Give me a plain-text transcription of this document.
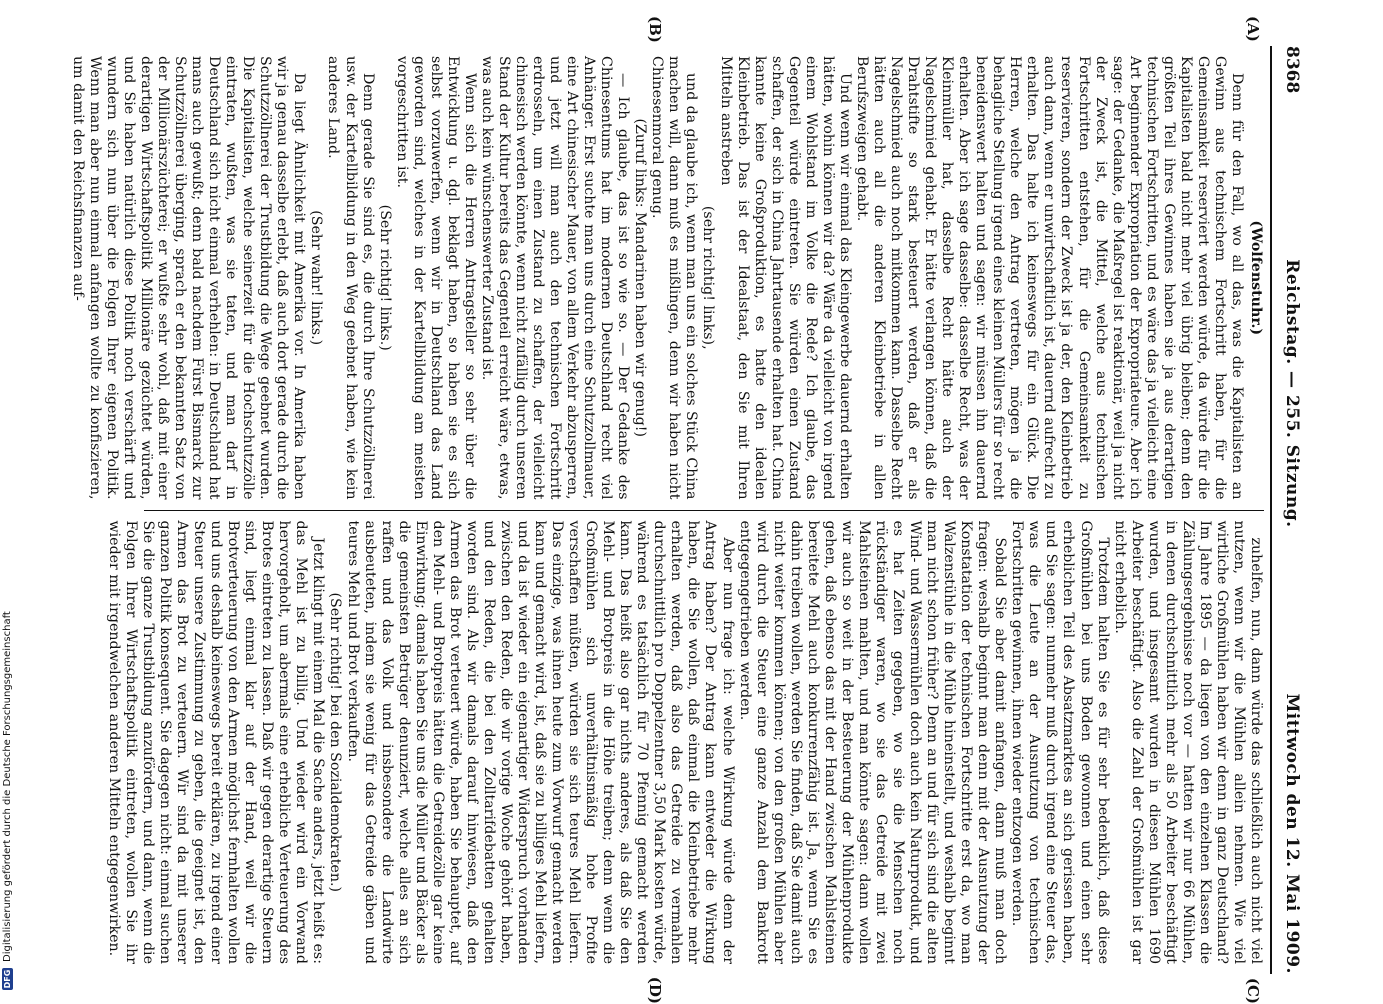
8368
Reichstag. — 255. Sitzung.
Mittwoch den 12. Mai 1909.
(Wolfenstuhr.)

Denn für den Fall, wo all das, was die Kapitalisten an Gewinn aus technischem Fortschritt haben, für die Gemeinsamkeit reserviert werden würde, da würde für die Kapitalisten bald nicht mehr viel übrig bleiben; denn den größten Teil ihres Gewinnes haben sie ja aus derartigen technischen Fortschritten, und es wäre das ja vielleicht eine Art beginnender Expropriation der Expropriateure. Aber ich sage: der Gedanke, die Maßregel ist reaktionär, weil ja nicht der Zweck ist, die Mittel, welche aus technischen Fortschritten entstehen, für die Gemeinsamkeit zu reservieren, sondern der Zweck ist ja der, den Kleinbetrieb auch dann, wenn er unwirtschaftlich ist, dauernd aufrecht zu erhalten. Das halte ich keineswegs für ein Glück. Die Herren, welche den Antrag vertreten, mögen ja die behagliche Stellung irgend eines kleinen Müllers für so recht beneidenswert halten und sagen: wir müssen ihn dauernd erhalten. Aber ich sage dasselbe: dasselbe Recht, was der Kleinmüller hat, dasselbe Recht hätte auch der Nagelschmied gehabt. Er hätte verlangen können, daß die Drahtstifte so stark besteuert werden, daß er als Nagelschmied auch noch mitkommen kann. Dasselbe Recht hätten auch all die anderen Kleinbetriebe in allen Berufszweigen gehabt.

Und wenn wir einmal das Kleingewerbe dauernd erhalten hätten, wohin können wir da? Wäre da vielleicht von irgend einem Wohlstand im Volke die Rede? Ich glaube, das Gegenteil würde eintreten. Sie würden einen Zustand schaffen, der sich in China Jahrtausende erhalten hat. China kannte keine Großproduktion, es hatte den idealen Kleinbetrieb. Das ist der Idealstaat, den Sie mit Ihren Mitteln anstreben

(sehr richtig! links),

und da glaube ich, wenn man uns ein solches Stück China machen will, dann muß es mißlingen, denn wir haben nicht Chinesenmoral genug.

(Zuruf links: Mandarinen haben wir genug!)

— Ich glaube, das ist so wie so. — Der Gedanke des Chinesentums hat im modernen Deutschland recht viel Anhänger. Erst suchte man uns durch eine Schutzzollmauer, eine Art chinesischer Mauer, von allem Verkehr abzusperren, und jetzt will man auch den technischen Fortschritt erdrosseln, um einen Zustand zu schaffen, der vielleicht chinesisch werden könnte, wenn nicht zufällig durch unseren Stand der Kultur bereits das Gegenteil erreicht wäre, etwas, was auch kein wünschenswerter Zustand ist.

Wenn sich die Herren Antragsteller so sehr über die Entwicklung u. dgl. beklagt haben, so haben sie es sich selbst vorzuwerfen, wenn wir in Deutschland das Land geworden sind, welches in der Kartellbildung am meisten vorgeschritten ist.

(Sehr richtig! links.)

Denn gerade Sie sind es, die durch Ihre Schutzzöllnerei usw. der Kartellbildung in den Weg geebnet haben, wie kein anderes Land.

(Sehr wahr! links.)

Da liegt Ähnlichkeit mit Amerika vor. In Amerika haben wir ja genau dasselbe erlebt, daß auch dort gerade durch die Schutzzöllnerei der Trustbildung die Wege geebnet wurden. Die Kapitalisten, welche seinerzeit für die Hochschutzzölle eintraten, wußten, was sie taten, und man darf in Deutschland sich nicht einmal verhehlen: in Deutschland hat mans auch gewußt; denn bald nachdem Fürst Bismarck zur Schutzzöllnerei überging, sprach er den bekannten Satz von der Millionärszüchterei; er wußte sehr wohl, daß mit einer derartigen Wirtschaftspolitik Millionäre gezüchtet würden, und Sie haben natürlich diese Politik noch verschärft und wundern sich nun über die Folgen Ihrer eigenen Politik. Wenn man aber nun einmal anfangen wollte zu konfiszieren, um damit den Reichsfinanzen auf-

zuhelfen, nun, dann würde das schließlich auch nicht viel nutzen, wenn wir die Mühlen allein nehmen. Wie viel wirtliche Großmühlen haben wir denn in ganz Deutschland? Im Jahre 1895 — da liegen von den einzelnen Klassen die Zählungsergebnisse noch vor — hatten wir nur 66 Mühlen, in denen durchschnittlich mehr als 50 Arbeiter beschäftigt wurden, und insgesamt wurden in diesen Mühlen 1690 Arbeiter beschäftigt. Also die Zahl der Großmühlen ist gar nicht erheblich.

Trotzdem halten Sie es für sehr bedenklich, daß diese Großmühlen bei uns Boden gewonnen und einen sehr erheblichen Teil des Absatzmarktes an sich gerissen haben, und Sie sagen: nunmehr muß durch irgend eine Steuer das, was die Leute an der Ausnutzung von technischen Fortschritten gewinnen, ihnen wieder entzogen werden.

Sobald Sie aber damit anfangen, dann muß man doch fragen: weshalb beginnt man denn mit der Ausnutzung der Konstatation der technischen Fortschritte erst da, wo man Walzenstühle in die Mühle hineinstellt, und weshalb beginnt man nicht schon früher? Denn an und für sich sind die alten Wind- und Wassermühlen doch auch kein Naturprodukt, und es hat Zeiten gegeben, wo sie die Menschen noch rückständiger waren, wo sie das Getreide mit zwei Mahlsteinen mahlten, und man könnte sagen: dann wollen wir auch so weit in der Besteuerung der Mühlenprodukte gehen, daß ebenso das mit der Hand zwischen Mahlsteinen bereitete Mehl auch konkurrenzfähig ist. Ja, wenn Sie es dahin treiben wollen, werden Sie finden, daß Sie damit auch nicht weiter kommen können; von den großen Mühlen aber wird durch die Steuer eine ganze Anzahl dem Bankrott entgegengetrieben werden.

Aber nun frage ich: welche Wirkung würde denn der Antrag haben? Der Antrag kann entweder die Wirkung haben, die Sie wollen, daß einmal die Kleinbetriebe mehr erhalten werden, daß also das Getreide zu vermahlen durchschnittlich pro Doppelzentner 3,50 Mark kosten würde, während es tatsächlich für 70 Pfennig gemacht werden kann. Das heißt also gar nichts anderes, als daß Sie den Mehl- und Brotpreis in die Höhe treiben; denn wenn die Großmühlen sich unverhältnismäßig hohe Profite verschaffen müßten, würden sie sich teures Mehl liefern. Das einzige, was ihnen heute zum Vorwurf gemacht werden kann und gemacht wird, ist, daß sie zu billiges Mehl liefern, und da ist wieder ein eigenartiger Widerspruch vorhanden zwischen den Reden, die wir vorige Woche gehört haben, und den Reden, die bei den Zolltarifdebatten gehalten worden sind. Als wir damals darauf hinwiesen, daß den Armen das Brot verteuert würde, haben Sie behauptet, auf den Mehl- und Brotpreis hätten die Getreidezölle gar keine Einwirkung; damals haben Sie uns die Müller und Bäcker als die gemeinsten Betrüger denunziert, welche alles an sich raffen und das Volk und insbesondere die Landwirte ausbeuteten, indem sie wenig für das Getreide gäben und teures Mehl und Brot verkauften.

(Sehr richtig! bei den Sozialdemokraten.)

Jetzt klingt mit einem Mal die Sache anders, jetzt heißt es: das Mehl ist zu billig. Und wieder wird ein Vorwand hervorgeholt, um abermals eine erhebliche Verteuerung des Brotes eintreten zu lassen. Daß wir gegen derartige Steuern sind, liegt einmal klar auf der Hand, weil wir die Brotverteuerung von den Armen möglichst fernhalten wollen und uns deshalb keineswegs bereit erklären, zu irgend einer Steuer unsere Zustimmung zu geben, die geeignet ist, den Armen das Brot zu verteuern. Wir sind da mit unserer ganzen Politik konsequent. Sie dagegen nicht: einmal suchen Sie die ganze Trustbildung anzufördern, und dann, wenn die Folgen Ihrer Wirtschaftspolitik eintreten, wollen Sie ihr wieder mit irgendwelchen anderen Mitteln entgegenwirken.

(A)
(B)
(C)
(D)
DFG
Digitalisierung gefördert durch die Deutsche Forschungsgemeinschaft
